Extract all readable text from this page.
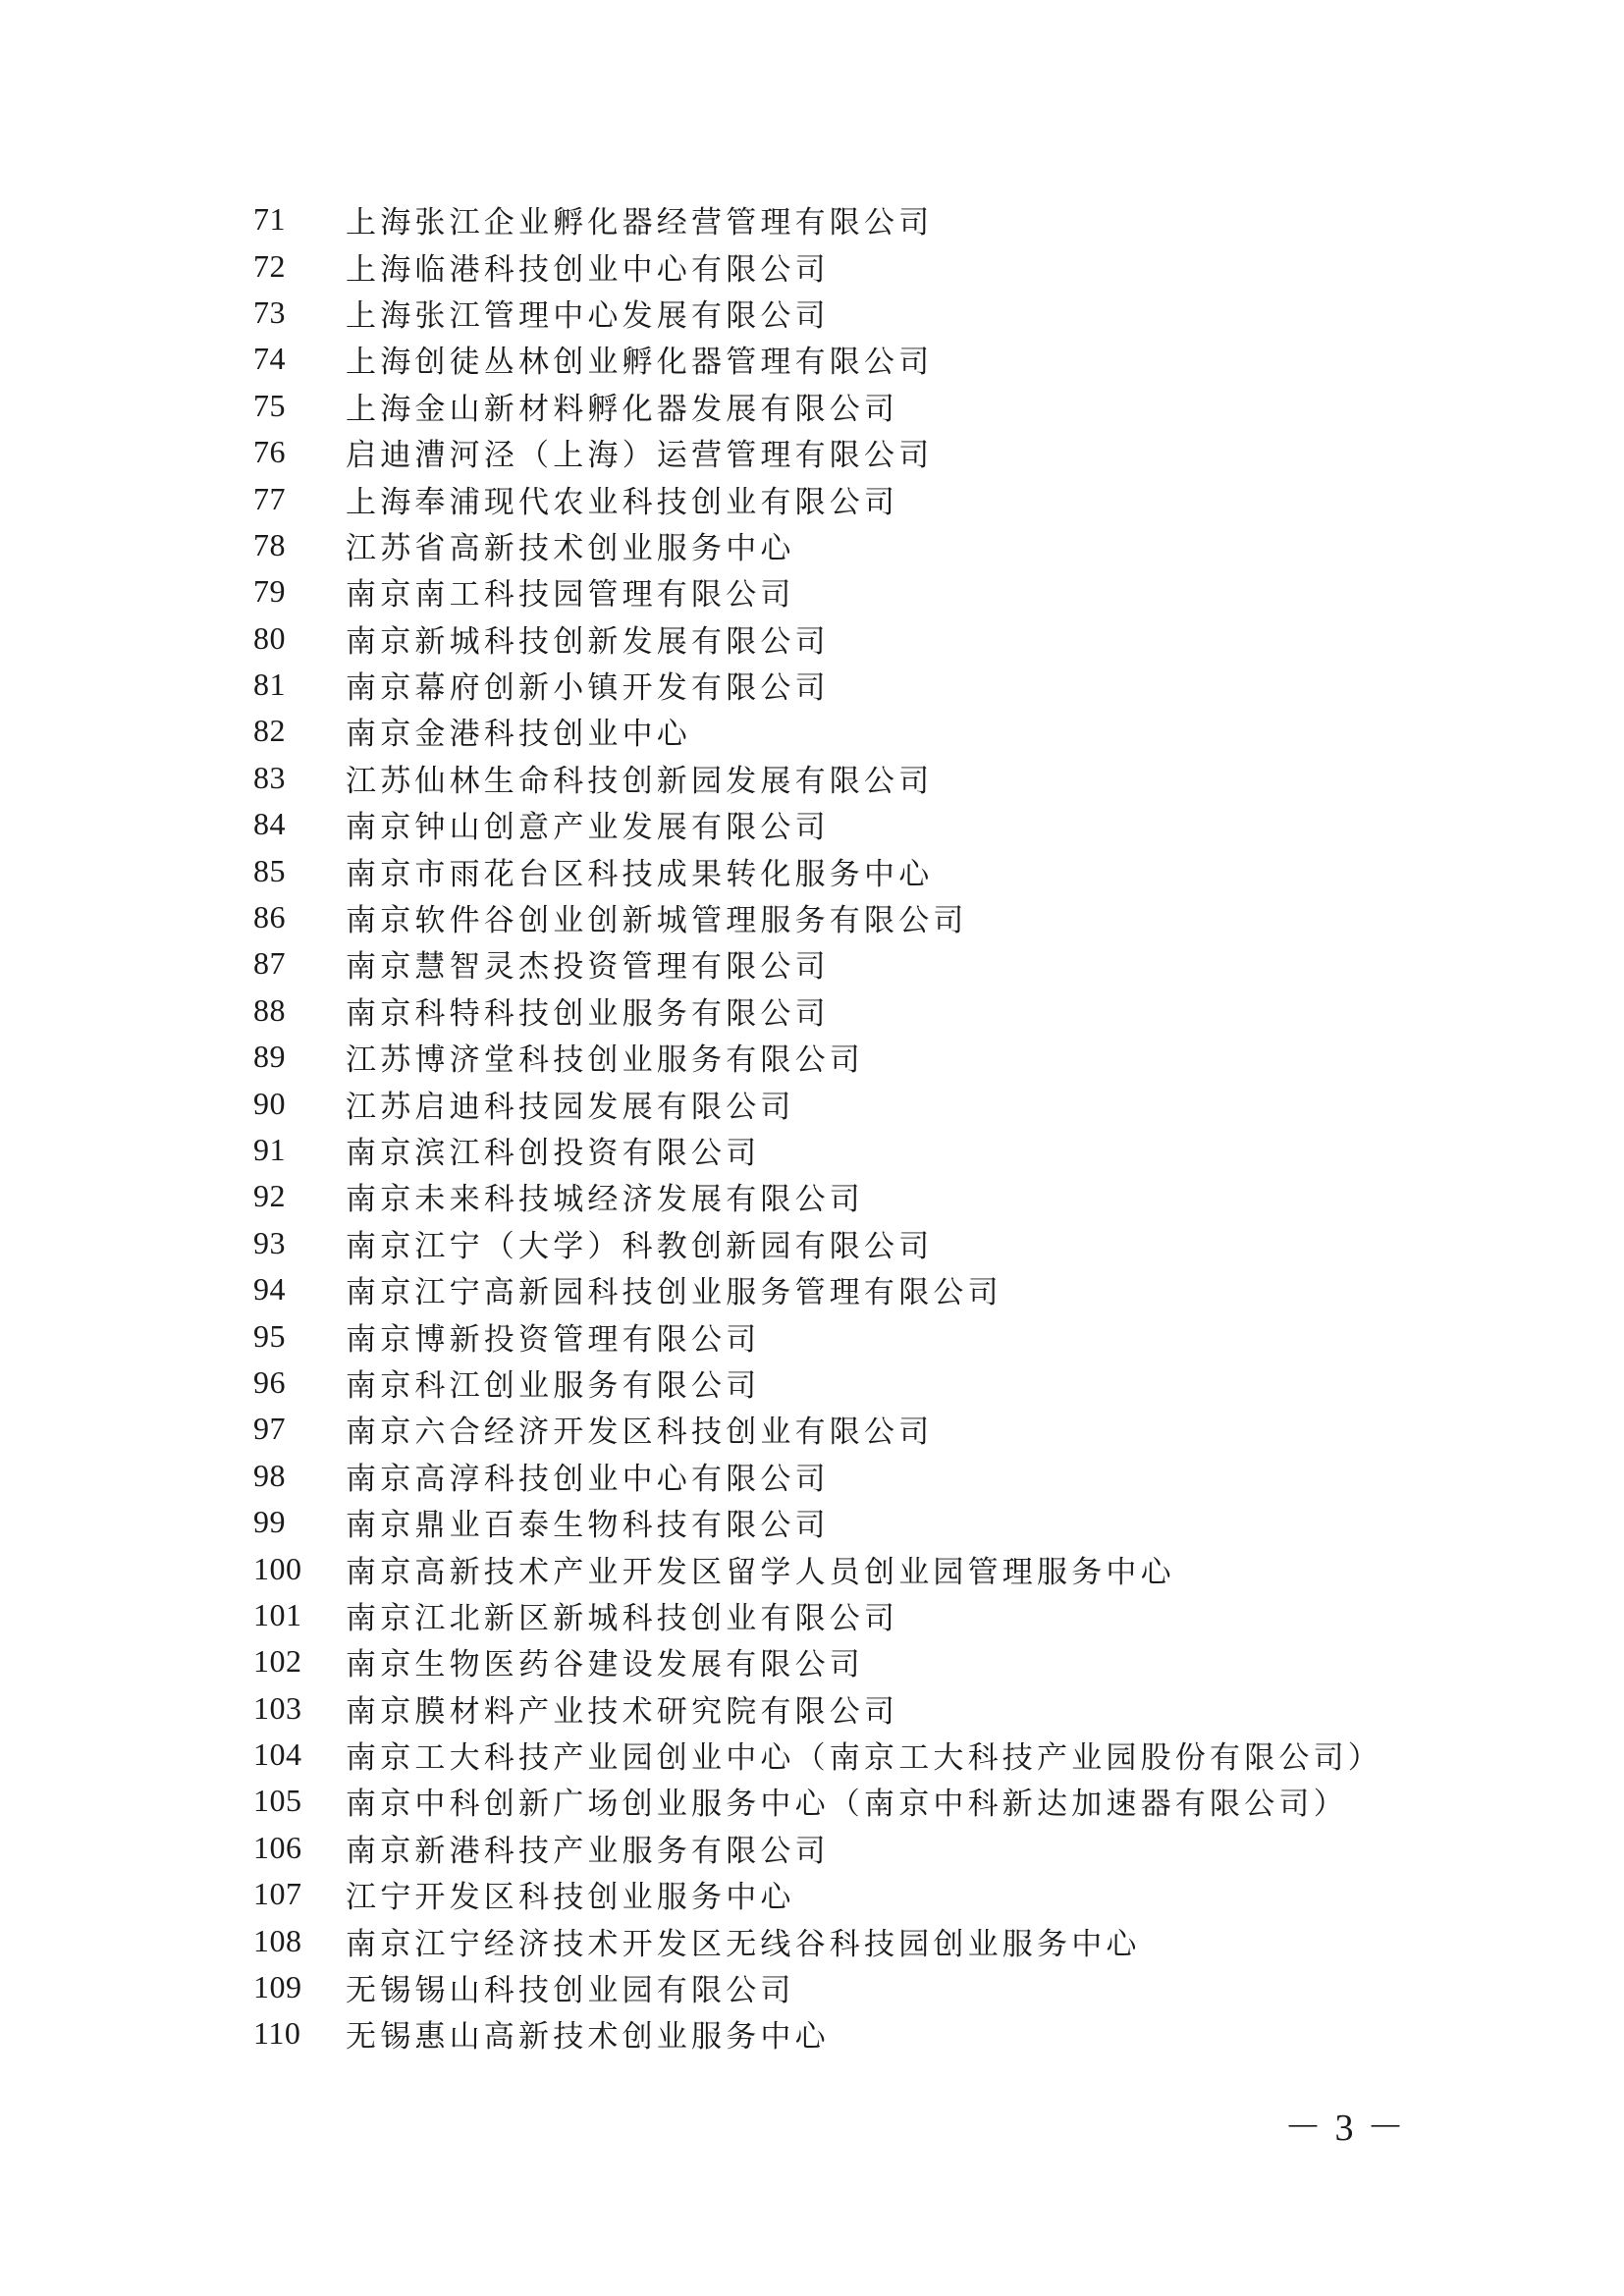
71	上海张江企业孵化器经营管理有限公司
72	上海临港科技创业中心有限公司
73	上海张江管理中心发展有限公司
74	上海创徒丛林创业孵化器管理有限公司
75	上海金山新材料孵化器发展有限公司
76	启迪漕河泾（上海）运营管理有限公司
77	上海奉浦现代农业科技创业有限公司
78	江苏省高新技术创业服务中心
79	南京南工科技园管理有限公司
80	南京新城科技创新发展有限公司
81	南京幕府创新小镇开发有限公司
82	南京金港科技创业中心
83	江苏仙林生命科技创新园发展有限公司
84	南京钟山创意产业发展有限公司
85	南京市雨花台区科技成果转化服务中心
86	南京软件谷创业创新城管理服务有限公司
87	南京慧智灵杰投资管理有限公司
88	南京科特科技创业服务有限公司
89	江苏博济堂科技创业服务有限公司
90	江苏启迪科技园发展有限公司
91	南京滨江科创投资有限公司
92	南京未来科技城经济发展有限公司
93	南京江宁（大学）科教创新园有限公司
94	南京江宁高新园科技创业服务管理有限公司
95	南京博新投资管理有限公司
96	南京科江创业服务有限公司
97	南京六合经济开发区科技创业有限公司
98	南京高淳科技创业中心有限公司
99	南京鼎业百泰生物科技有限公司
100	南京高新技术产业开发区留学人员创业园管理服务中心
101	南京江北新区新城科技创业有限公司
102	南京生物医药谷建设发展有限公司
103	南京膜材料产业技术研究院有限公司
104	南京工大科技产业园创业中心（南京工大科技产业园股份有限公司）
105	南京中科创新广场创业服务中心（南京中科新达加速器有限公司）
106	南京新港科技产业服务有限公司
107	江宁开发区科技创业服务中心
108	南京江宁经济技术开发区无线谷科技园创业服务中心
109	无锡锡山科技创业园有限公司
110	无锡惠山高新技术创业服务中心
－ 3 －
